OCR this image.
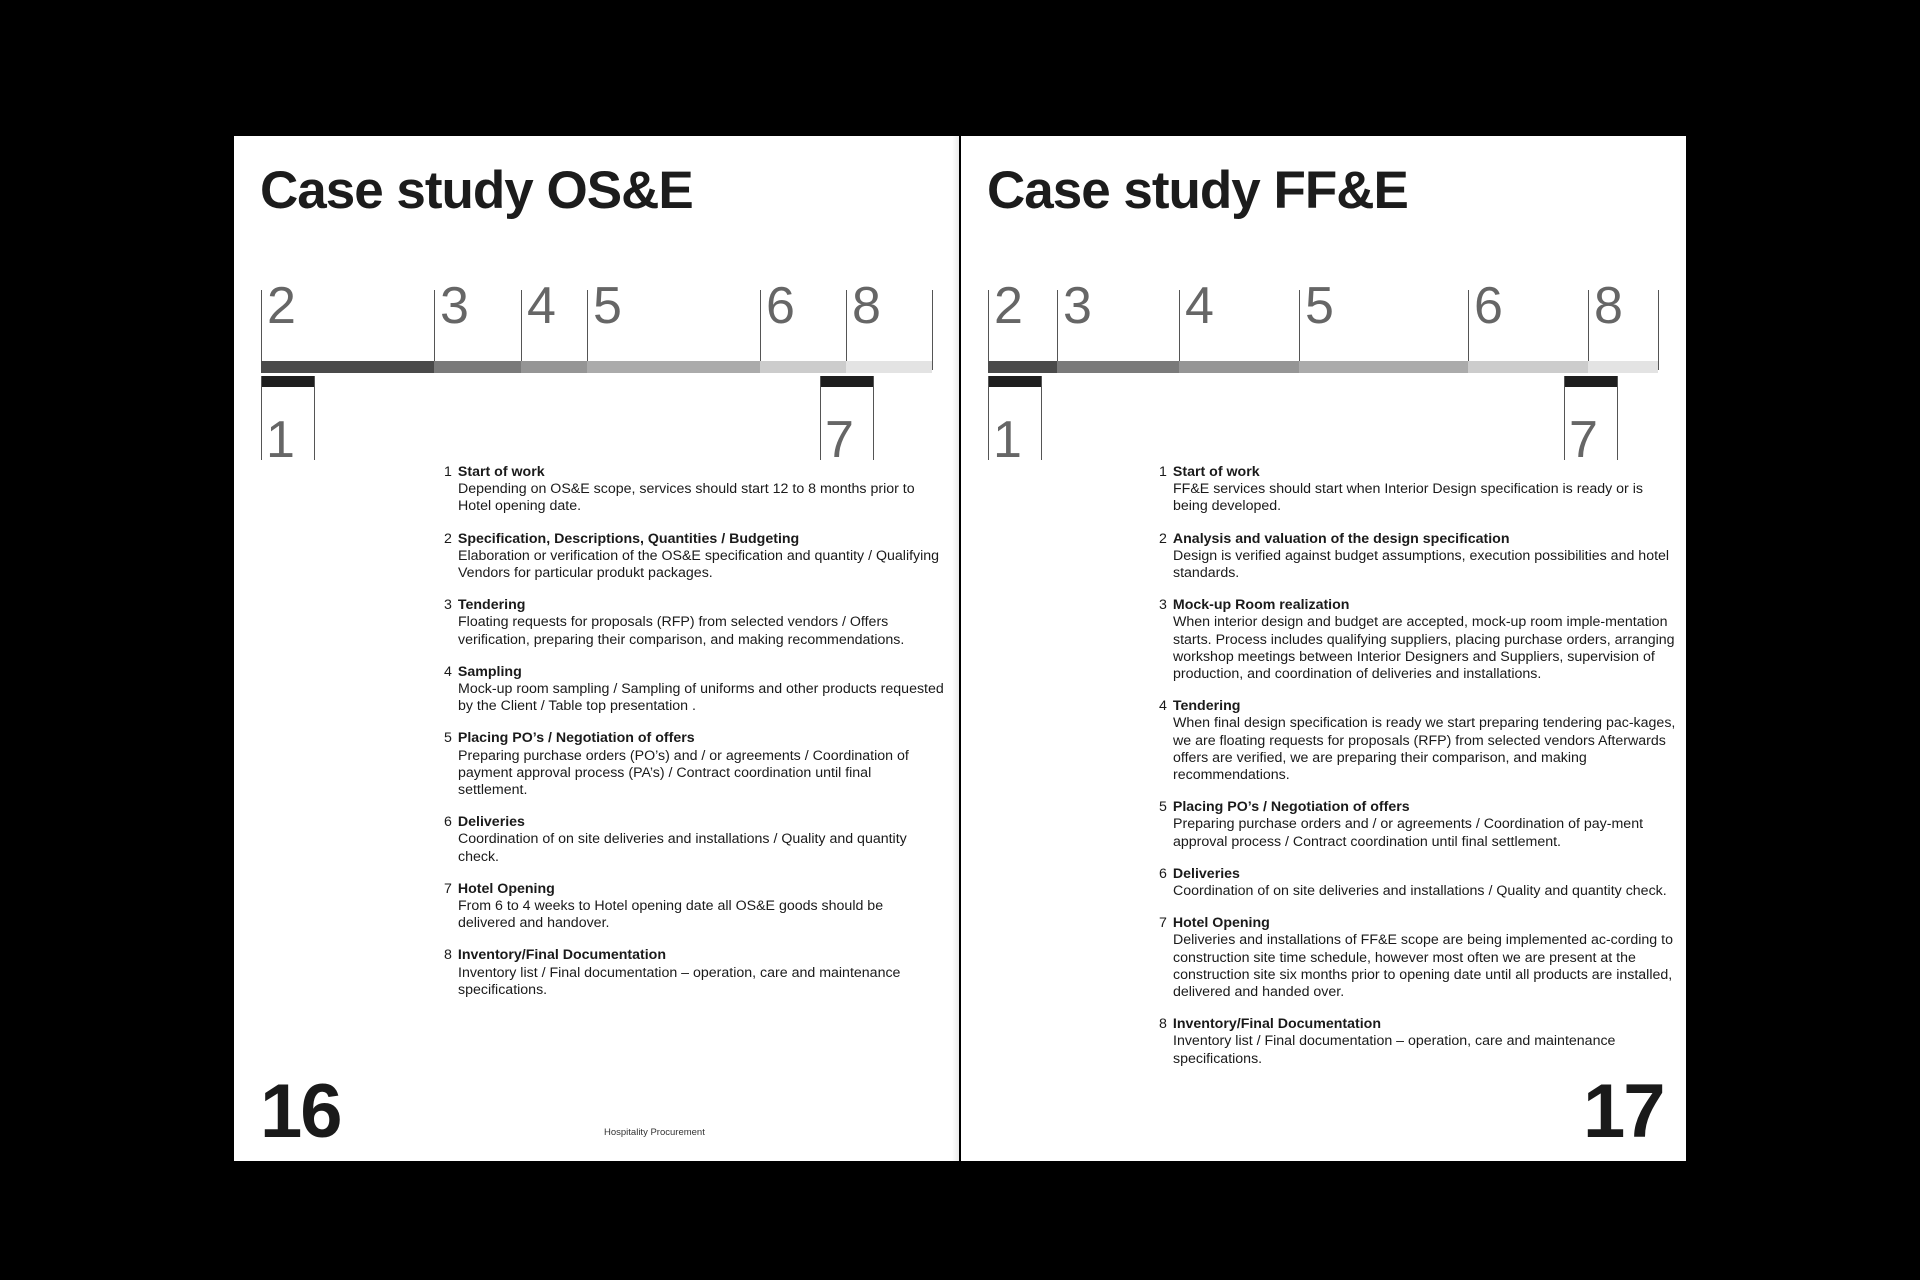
Case study OS&E
2	3 4 5	6 8
1	7
1 Start of work
Depending on OS&E scope, services should start 12 to 8 months prior to Hotel opening date.
2 Specification, Descriptions, Quantities / Budgeting
Elaboration or verification of the OS&E specification and quantity / Qualifying Vendors for particular produkt packages.
3 Tendering
Floating requests for proposals (RFP) from selected vendors / Offers verification, preparing their comparison, and making recommendations.
4 Sampling
Mock-up room sampling / Sampling of uniforms and other products requested by the Client / Table top presentation .
5 Placing PO’s / Negotiation of offers
Preparing purchase orders (PO’s) and / or agreements / Coordination of payment approval process (PA’s) / Contract coordination until final settlement.
6 Deliveries
Coordination of on site deliveries and installations / Quality and quantity check.
7 Hotel Opening
From 6 to 4 weeks to Hotel opening date all OS&E goods should be delivered and handover.
8 Inventory/Final Documentation
Inventory list / Final documentation – operation, care and maintenance specifications.
16	Hospitality Procurement
Case study FF&E
2 3 4 5	6 8
1	7
1 Start of work
FF&E services should start when Interior Design specification is ready or is being developed.
2 Analysis and valuation of the design specification
Design is verified against budget assumptions, execution possibilities and hotel standards.
3 Mock-up Room realization
When interior design and budget are accepted, mock-up room imple-mentation starts. Process includes qualifying suppliers, placing purchase orders, arranging workshop meetings between Interior Designers and Suppliers, supervision of production, and coordination of deliveries and installations.
4 Tendering
When final design specification is ready we start preparing tendering pac-kages, we are floating requests for proposals (RFP) from selected vendors Afterwards offers are verified, we are preparing their comparison, and making recommendations.
5 Placing PO’s / Negotiation of offers
Preparing purchase orders and / or agreements / Coordination of pay-ment approval process / Contract coordination until final settlement.
6 Deliveries
Coordination of on site deliveries and installations / Quality and quantity check.
7 Hotel Opening
Deliveries and installations of FF&E scope are being implemented ac-cording to construction site time schedule, however most often we are present at the construction site six months prior to opening date until all products are installed, delivered and handed over.
8 Inventory/Final Documentation
Inventory list / Final documentation – operation, care and maintenance specifications.
17
